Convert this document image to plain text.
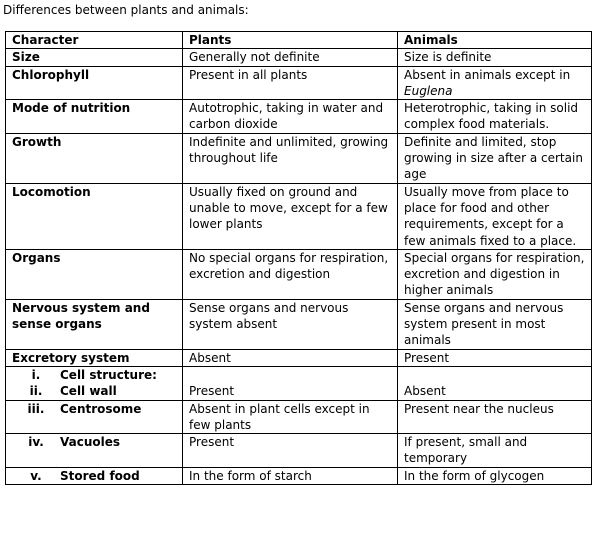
Differences between plants and animals:
Character	Plants	Animals
Size	Generally not definite	Size is definite
Chlorophyll	Present in all plants	Absent in animals except in Euglena
Mode of nutrition	Autotrophic, taking in water and carbon dioxide	Heterotrophic, taking in solid complex food materials.
Growth	Indefinite and unlimited, growing throughout life	Definite and limited, stop growing in size after a certain age
Locomotion	Usually fixed on ground and unable to move, except for a few lower plants	Usually move from place to place for food and other requirements, except for a few animals fixed to a place.
Organs	No special organs for respiration, excretion and digestion	Special organs for respiration, excretion and digestion in higher animals
Nervous system and sense organs	Sense organs and nervous system absent	Sense organs and nervous system present in most animals
Excretory system	Absent	Present

i. Cell structure:
ii. Cell wall	Present	Absent

iii. Centrosome	Absent in plant cells except in few plants	Present near the nucleus

iv. Vacuoles	Present	If present, small and temporary

v. Stored food	In the form of starch	In the form of glycogen
